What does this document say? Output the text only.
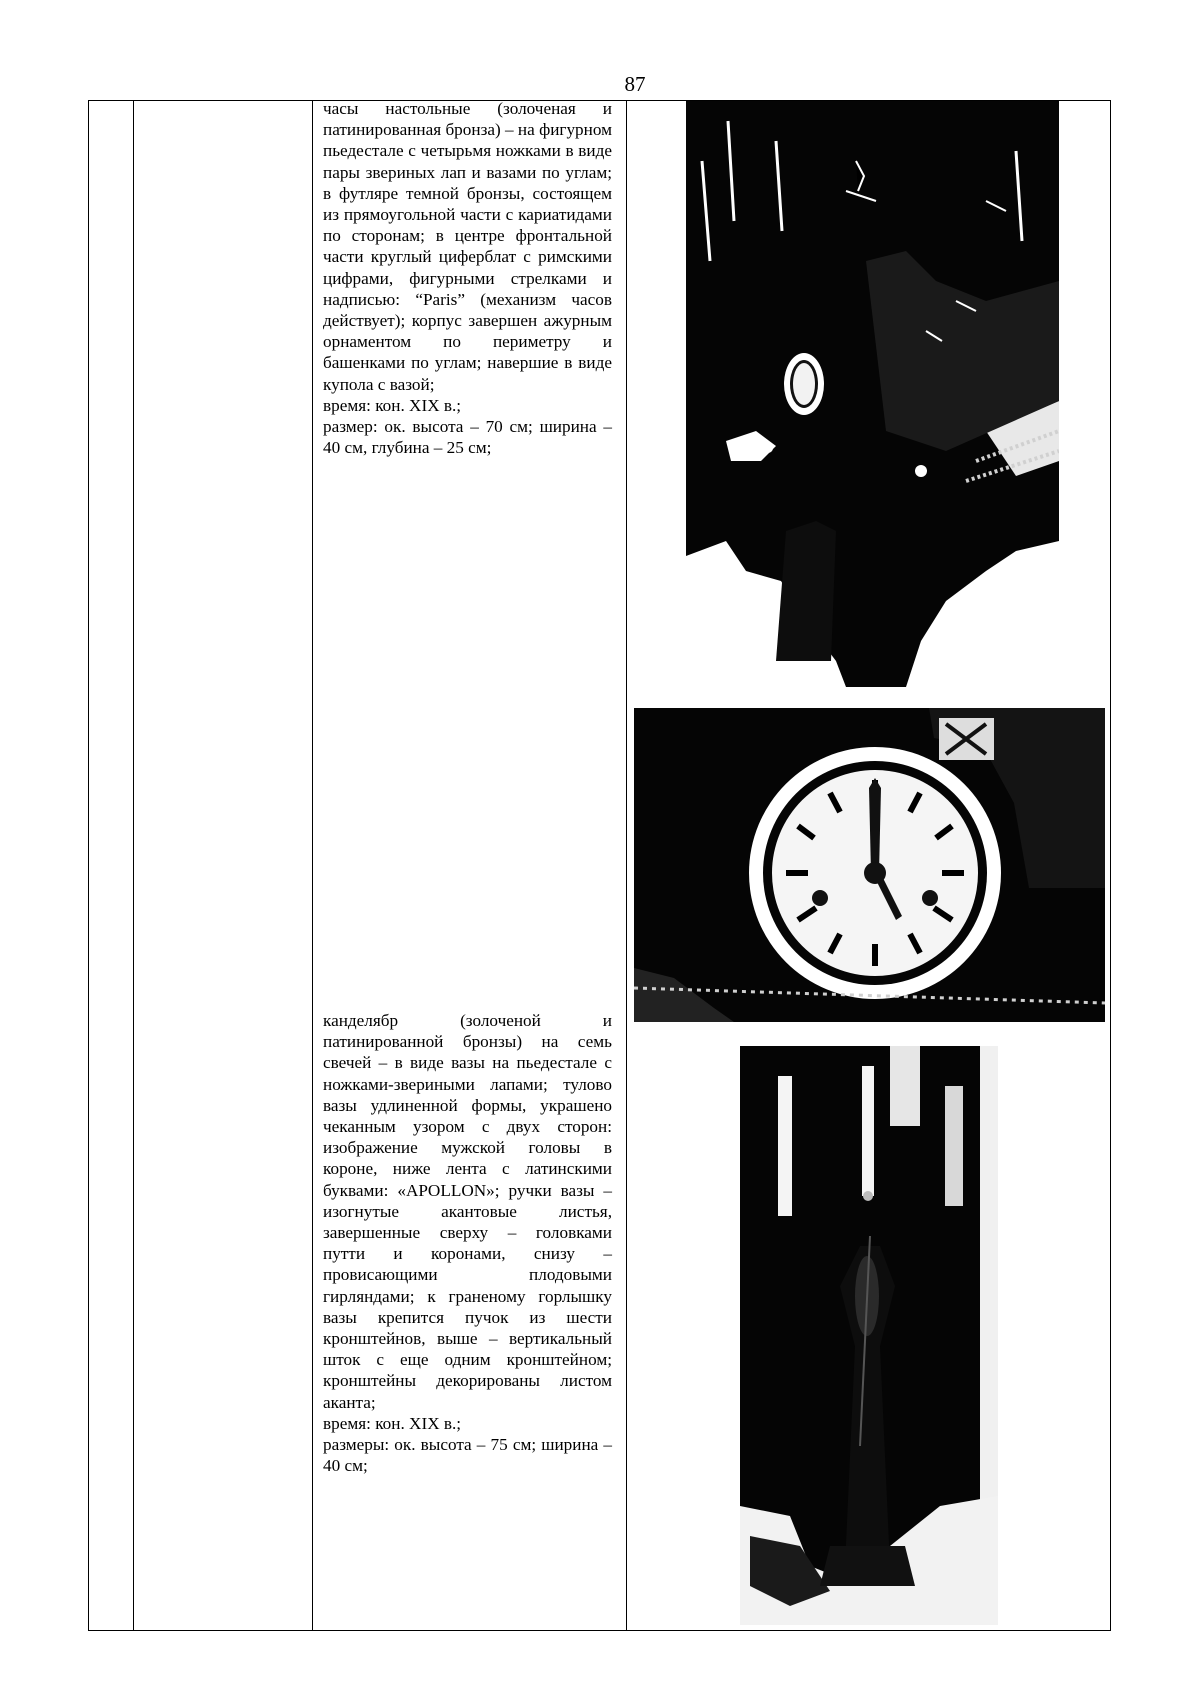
87

часы настольные (золоченая и патинированная бронза) – на фигурном пьедестале с четырьмя ножками в виде пары звериных лап и вазами по углам; в футляре темной бронзы, состоящем из прямоугольной части с кариатидами по сторонам; в центре фронтальной части круглый циферблат с римскими цифрами, фигурными стрелками и надписью: “Paris” (механизм часов действует); корпус завершен ажурным орнаментом по периметру и башенками по углам; навершие в виде купола с вазой;

время: кон. XIX в.;

размер: ок. высота – 70 см; ширина – 40 см, глубина – 25 см;

канделябр (золоченой и патинированной бронзы) на семь свечей – в виде вазы на пьедестале с ножками-звериными лапами; тулово вазы удлиненной формы, украшено чеканным узором с двух сторон: изображение мужской головы в короне, ниже лента с латинскими буквами: «APOLLON»; ручки вазы – изогнутые акантовые листья, завершенные сверху – головками путти и коронами, снизу – провисающими плодовыми гирляндами; к граненому горлышку вазы крепится пучок из шести кронштейнов, выше – вертикальный шток с еще одним кронштейном; кронштейны декорированы листом аканта;

время: кон. XIX в.;

размеры: ок. высота – 75 см; ширина – 40 см;
